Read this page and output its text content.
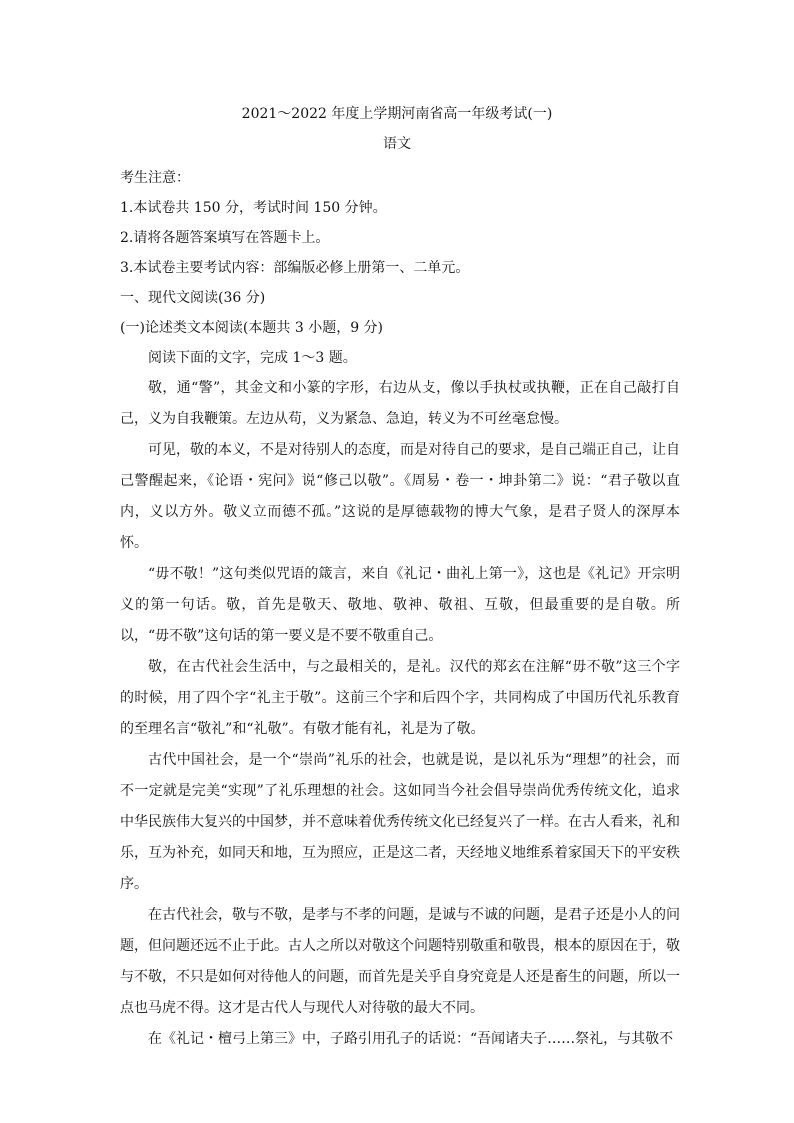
2021～2022 年度上学期河南省高一年级考试(一)
语文
考生注意：
1.本试卷共 150 分，考试时间 150 分钟。
2.请将各题答案填写在答题卡上。
3.本试卷主要考试内容：部编版必修上册第一、二单元。
一、现代文阅读(36 分)
(一)论述类文本阅读(本题共 3 小题，9 分)
阅读下面的文字，完成 1～3 题。
敬，通“警”，其金文和小篆的字形，右边从攴，像以手执杖或执鞭，正在自己敲打自己，义为自我鞭策。左边从苟，义为紧急、急迫，转义为不可丝毫怠慢。
可见，敬的本义，不是对待别人的态度，而是对待自己的要求，是自己端正自己，让自己警醒起来，《论语・宪问》说“修己以敬”。《周易・卷一・坤卦第二》说：“君子敬以直内，义以方外。敬义立而德不孤。”这说的是厚德载物的博大气象，是君子贤人的深厚本怀。
“毋不敬！”这句类似咒语的箴言，来自《礼记・曲礼上第一》，这也是《礼记》开宗明义的第一句话。敬，首先是敬天、敬地、敬神、敬祖、互敬，但最重要的是自敬。所以，“毋不敬”这句话的第一要义是不要不敬重自己。
敬，在古代社会生活中，与之最相关的，是礼。汉代的郑玄在注解“毋不敬”这三个字的时候，用了四个字“礼主于敬”。这前三个字和后四个字，共同构成了中国历代礼乐教育的至理名言“敬礼”和“礼敬”。有敬才能有礼，礼是为了敬。
古代中国社会，是一个“崇尚”礼乐的社会，也就是说，是以礼乐为“理想”的社会，而不一定就是完美“实现”了礼乐理想的社会。这如同当今社会倡导崇尚优秀传统文化，追求中华民族伟大复兴的中国梦，并不意味着优秀传统文化已经复兴了一样。在古人看来，礼和乐，互为补充，如同天和地，互为照应，正是这二者，天经地义地维系着家国天下的平安秩序。
在古代社会，敬与不敬，是孝与不孝的问题，是诚与不诚的问题，是君子还是小人的问题，但问题还远不止于此。古人之所以对敬这个问题特别敬重和敬畏，根本的原因在于，敬与不敬，不只是如何对待他人的问题，而首先是关乎自身究竟是人还是畜生的问题，所以一点也马虎不得。这才是古代人与现代人对待敬的最大不同。
在《礼记・檀弓上第三》中，子路引用孔子的话说：“吾闻诸夫子……祭礼，与其敬不
